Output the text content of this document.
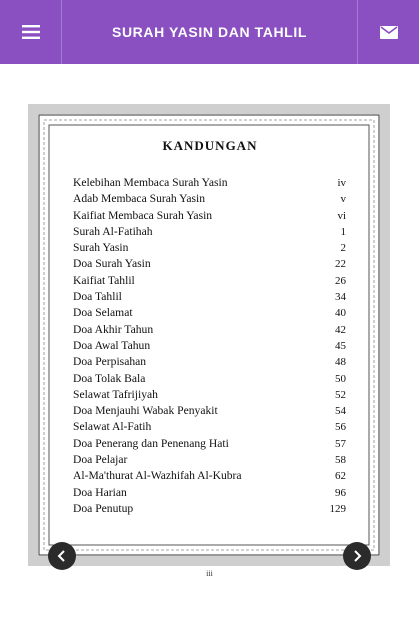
SURAH YASIN DAN TAHLIL
KANDUNGAN
Kelebihan Membaca Surah Yasin	iv
Adab Membaca Surah Yasin	v
Kaifiat Membaca Surah Yasin	vi
Surah Al-Fatihah	1
Surah Yasin	2
Doa Surah Yasin	22
Kaifiat Tahlil	26
Doa Tahlil	34
Doa Selamat	40
Doa Akhir Tahun	42
Doa Awal Tahun	45
Doa Perpisahan	48
Doa Tolak Bala	50
Selawat Tafrijiyah	52
Doa Menjauhi Wabak Penyakit	54
Selawat Al-Fatih	56
Doa Penerang dan Penenang Hati	57
Doa Pelajar	58
Al-Ma'thurat Al-Wazhifah Al-Kubra	62
Doa Harian	96
Doa Penutup	129
iii
